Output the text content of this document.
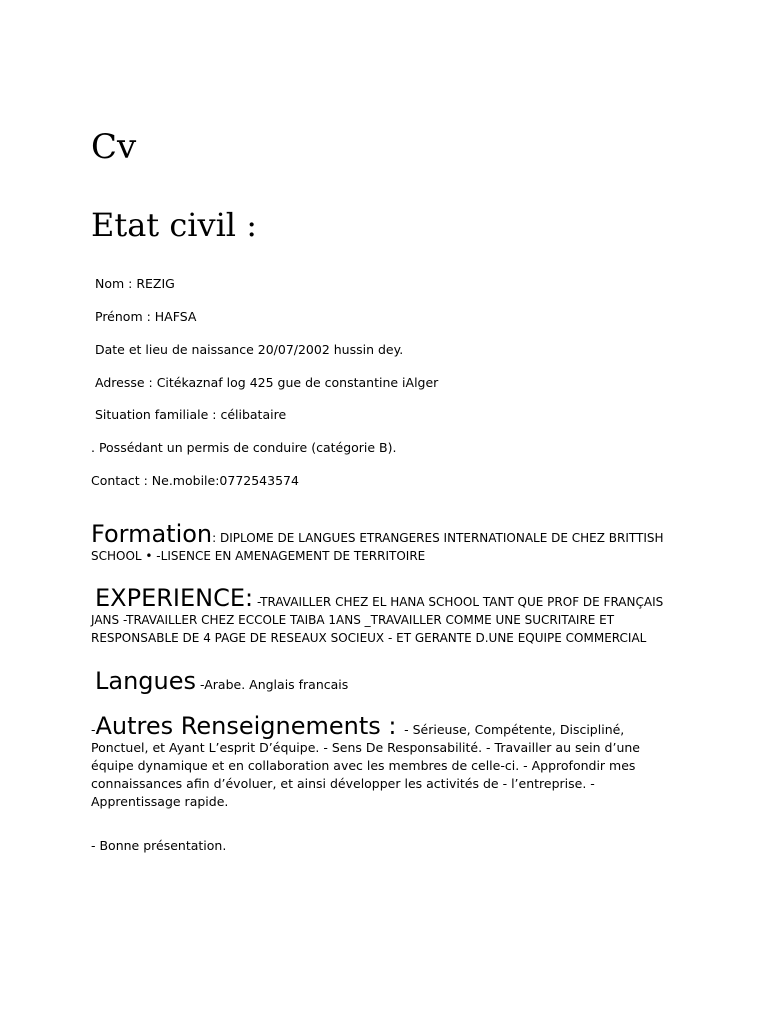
Cv
Etat civil :
Nom : REZIG
Prénom : HAFSA
Date et lieu de naissance 20/07/2002 hussin dey.
Adresse : Citékaznaf log 425 gue de constantine iAlger
Situation familiale : célibataire
. Possédant un permis de conduire (catégorie B).
Contact : Ne.mobile:0772543574
Formation: DIPLOME DE LANGUES ETRANGERES INTERNATIONALE DE CHEZ BRITTISH SCHOOL • -LISENCE EN AMENAGEMENT DE TERRITOIRE
EXPERIENCE: -TRAVAILLER CHEZ EL HANA SCHOOL TANT QUE PROF DE FRANÇAIS JANS -TRAVAILLER CHEZ ECCOLE TAIBA 1ANS _TRAVAILLER COMME UNE SUCRITAIRE ET RESPONSABLE DE 4 PAGE DE RESEAUX SOCIEUX - ET GERANTE D.UNE EQUIPE COMMERCIAL
Langues -Arabe. Anglais francais
-Autres Renseignements : - Sérieuse, Compétente, Discipliné, Ponctuel, et Ayant L’esprit D’équipe. - Sens De Responsabilité. - Travailler au sein d’une équipe dynamique et en collaboration avec les membres de celle-ci. - Approfondir mes connaissances afin d’évoluer, et ainsi développer les activités de - l’entreprise. - Apprentissage rapide.
- Bonne présentation.
